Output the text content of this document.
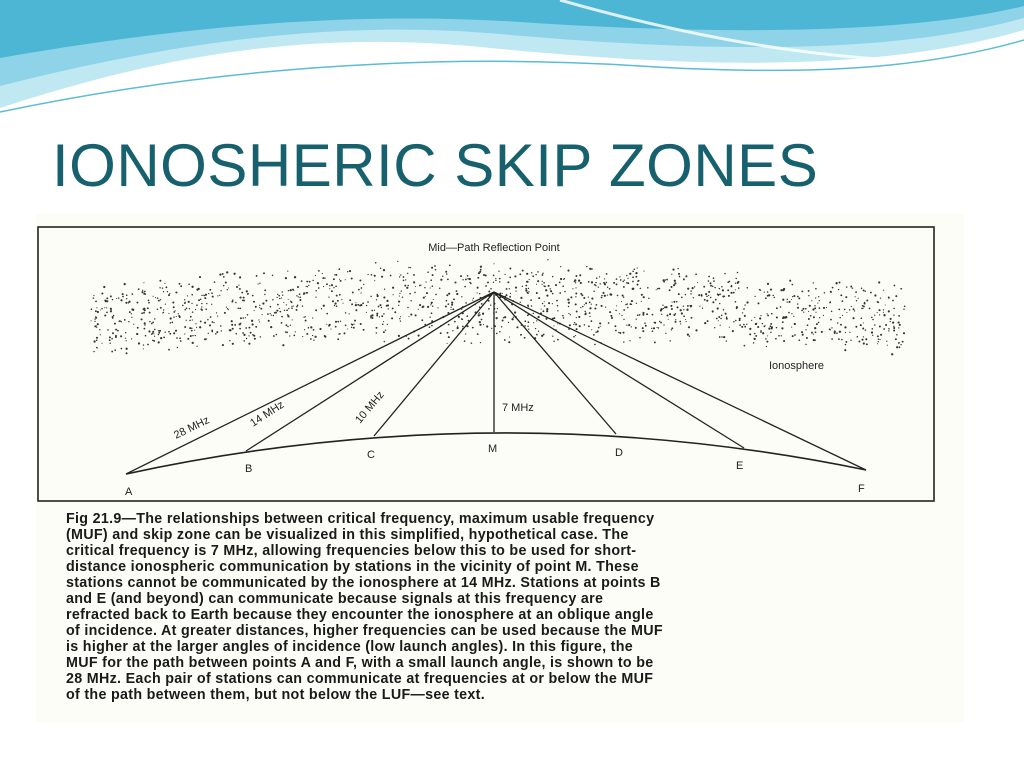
IONOSHERIC SKIP ZONES
Mid—Path Reflection Point
Ionosphere
28 MHz	14 MHz	10 MHz	7 MHz
A
B
C	M	D
E
F

Fig 21.9—The relationships between critical frequency, maximum usable frequency

(MUF) and skip zone can be visualized in this simplified, hypothetical case. The

critical frequency is 7 MHz, allowing frequencies below this to be used for short-

distance ionospheric communication by stations in the vicinity of point M. These

stations cannot be communicated by the ionosphere at 14 MHz. Stations at points B

and E (and beyond) can communicate because signals at this frequency are

refracted back to Earth because they encounter the ionosphere at an oblique angle

of incidence. At greater distances, higher frequencies can be used because the MUF

is higher at the larger angles of incidence (low launch angles). In this figure, the

MUF for the path between points A and F, with a small launch angle, is shown to be

28 MHz. Each pair of stations can communicate at frequencies at or below the MUF

of the path between them, but not below the LUF—see text.
